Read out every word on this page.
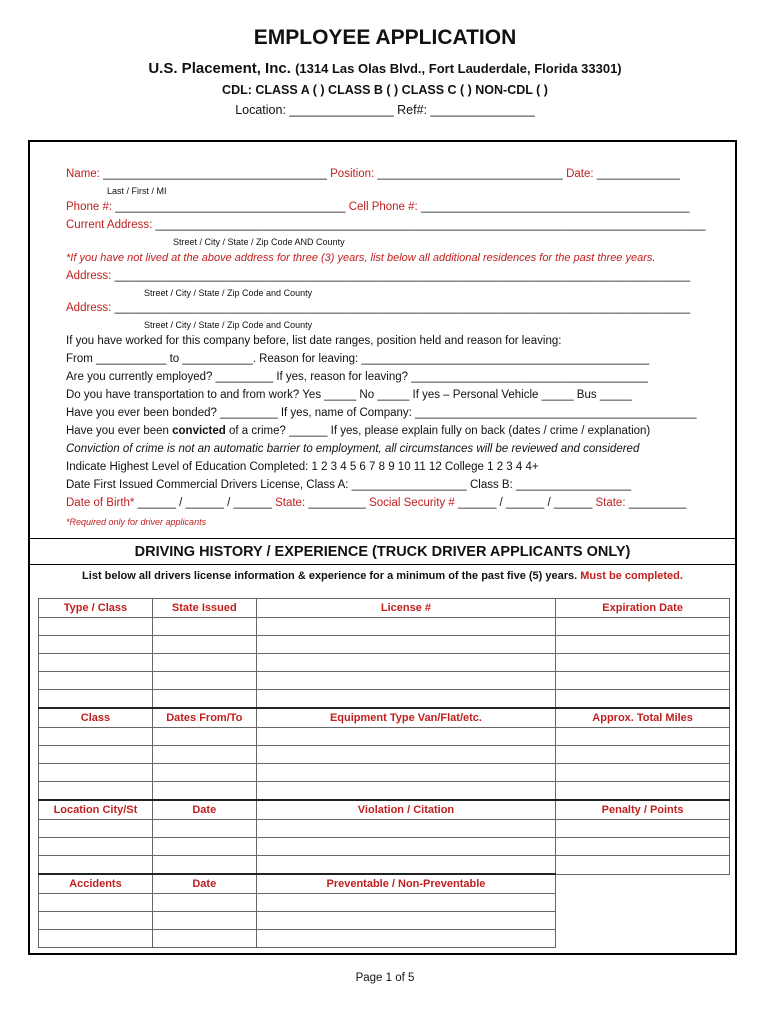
EMPLOYEE APPLICATION
U.S. Placement, Inc. (1314 Las Olas Blvd., Fort Lauderdale, Florida 33301)
CDL: CLASS A ( ) CLASS B ( ) CLASS C ( ) NON-CDL ( )
Location: _______________ Ref#: _______________
Name: ___________________________________ Position: _____________________________ Date: _____________
Last / First / MI
Phone #: ____________________________________ Cell Phone #: __________________________________________
Current Address: ______________________________________________________________________________________
Street / City / State / Zip Code AND County
*If you have not lived at the above address for three (3) years, list below all additional residences for the past three years.
Address: __________________________________________________________________________________________
Street / City / State / Zip Code and County
Address: __________________________________________________________________________________________
Street / City / State / Zip Code and County
If you have worked for this company before, list date ranges, position held and reason for leaving:
From ___________ to ___________. Reason for leaving: _____________________________________________
Are you currently employed? _________ If yes, reason for leaving? _____________________________________
Do you have transportation to and from work? Yes _____ No _____ If yes – Personal Vehicle _____ Bus _____
Have you ever been bonded? _________ If yes, name of Company: ____________________________________________
Have you ever been convicted of a crime? ______ If yes, please explain fully on back (dates / crime / explanation)
Conviction of crime is not an automatic barrier to employment, all circumstances will be reviewed and considered
Indicate Highest Level of Education Completed: 1 2 3 4 5 6 7 8 9 10 11 12 College 1 2 3 4 4+
Date First Issued Commercial Drivers License, Class A: __________________ Class B: __________________
Date of Birth* ______ / ______ / ______ State: _________ Social Security # ______ / ______ / ______ State: _________
*Required only for driver applicants
DRIVING HISTORY / EXPERIENCE (TRUCK DRIVER APPLICANTS ONLY)
List below all drivers license information & experience for a minimum of the past five (5) years. Must be completed.
Type / Class	State Issued	License #	Expiration Date

Class	Dates From/To	Equipment Type Van/Flat/etc.	Approx. Total Miles

Location City/St	Date	Violation / Citation	Penalty / Points

Accidents	Date	Preventable / Non-Preventable	

Page 1 of 5
